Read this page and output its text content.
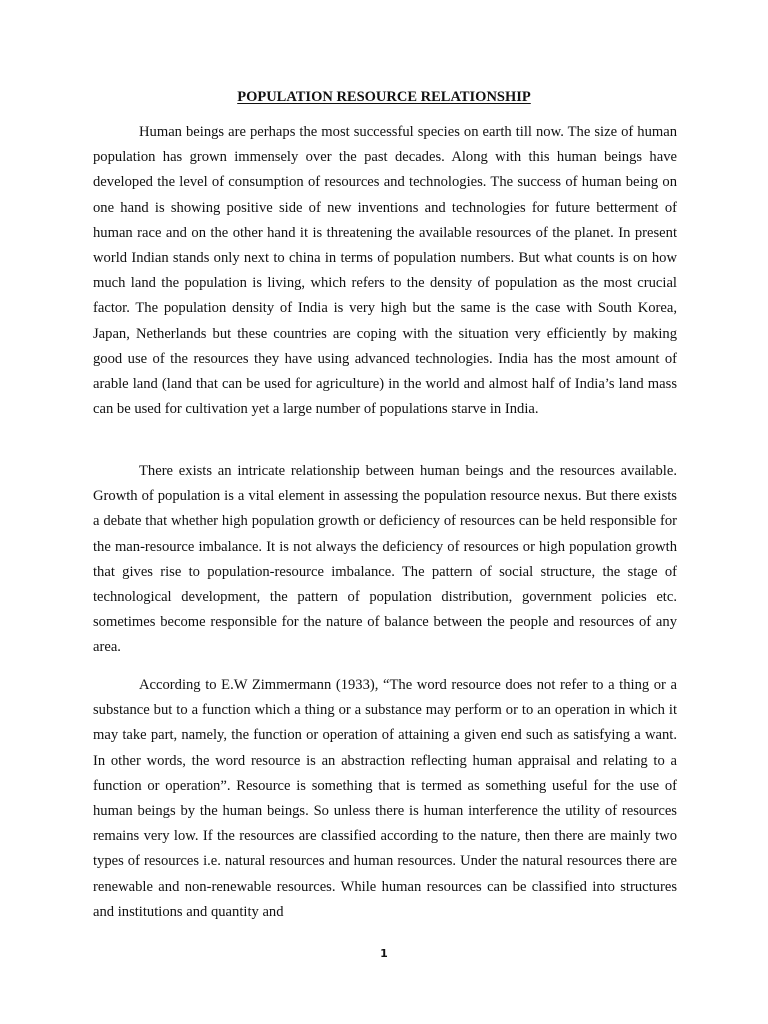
POPULATION RESOURCE RELATIONSHIP

Human beings are perhaps the most successful species on earth till now. The size of human population has grown immensely over the past decades. Along with this human beings have developed the level of consumption of resources and technologies. The success of human being on one hand is showing positive side of new inventions and technologies for future betterment of human race and on the other hand it is threatening the available resources of the planet. In present world Indian stands only next to china in terms of population numbers. But what counts is on how much land the population is living, which refers to the density of population as the most crucial factor. The population density of India is very high but the same is the case with South Korea, Japan, Netherlands but these countries are coping with the situation very efficiently by making good use of the resources they have using advanced technologies. India has the most amount of arable land (land that can be used for agriculture) in the world and almost half of India’s land mass can be used for cultivation yet a large number of populations starve in India.

There exists an intricate relationship between human beings and the resources available. Growth of population is a vital element in assessing the population resource nexus. But there exists a debate that whether high population growth or deficiency of resources can be held responsible for the man-resource imbalance. It is not always the deficiency of resources or high population growth that gives rise to population-resource imbalance. The pattern of social structure, the stage of technological development, the pattern of population distribution, government policies etc. sometimes become responsible for the nature of balance between the people and resources of any area.

According to E.W Zimmermann (1933), “The word resource does not refer to a thing or a substance but to a function which a thing or a substance may perform or to an operation in which it may take part, namely, the function or operation of attaining a given end such as satisfying a want. In other words, the word resource is an abstraction reflecting human appraisal and relating to a function or operation”. Resource is something that is termed as something useful for the use of human beings by the human beings. So unless there is human interference the utility of resources remains very low. If the resources are classified according to the nature, then there are mainly two types of resources i.e. natural resources and human resources. Under the natural resources there are renewable and non-renewable resources. While human resources can be classified into structures and institutions and quantity and

1
